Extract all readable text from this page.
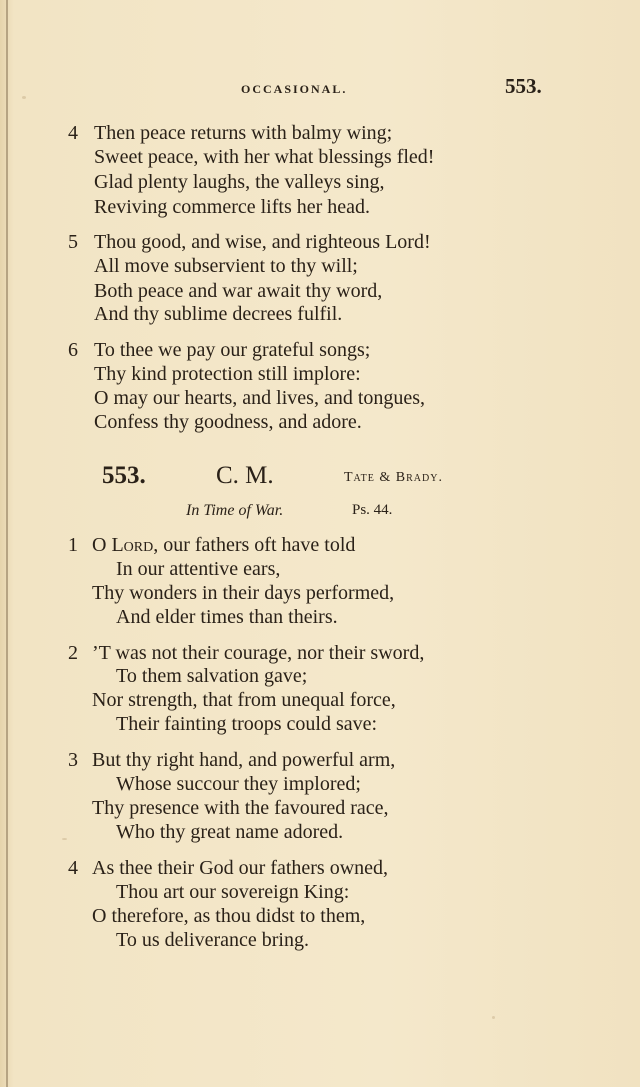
OCCASIONAL.	553.
4 Then peace returns with balmy wing;
Sweet peace, with her what blessings fled!
Glad plenty laughs, the valleys sing,
Reviving commerce lifts her head.
5 Thou good, and wise, and righteous Lord!
All move subservient to thy will;
Both peace and war await thy word,
And thy sublime decrees fulfil.
6 To thee we pay our grateful songs;
Thy kind protection still implore:
O may our hearts, and lives, and tongues,
Confess thy goodness, and adore.
553.	C. M.	Tate & Brady.
In Time of War.	Ps. 44.
1 O Lord, our fathers oft have told
In our attentive ears,
Thy wonders in their days performed,
And elder times than theirs.
2 ’T was not their courage, nor their sword,
To them salvation gave;
Nor strength, that from unequal force,
Their fainting troops could save:
3 But thy right hand, and powerful arm,
Whose succour they implored;
Thy presence with the favoured race,
Who thy great name adored.
4 As thee their God our fathers owned,
Thou art our sovereign King:
O therefore, as thou didst to them,
To us deliverance bring.
